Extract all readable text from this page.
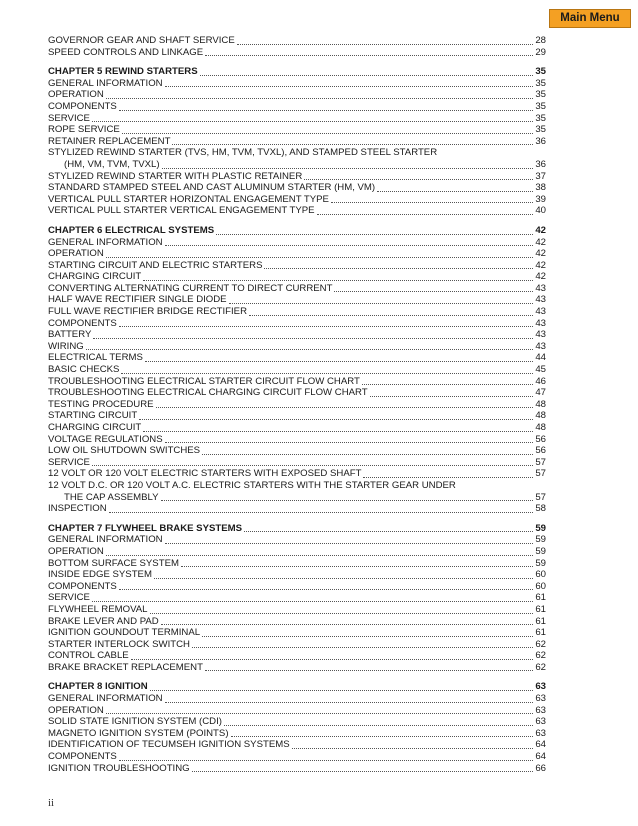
Main Menu
GOVERNOR GEAR AND SHAFT SERVICE	28
SPEED CONTROLS AND LINKAGE	29
CHAPTER 5 REWIND STARTERS	35
GENERAL INFORMATION	35
OPERATION	35
COMPONENTS	35
SERVICE	35
ROPE SERVICE	35
RETAINER REPLACEMENT	36
STYLIZED REWIND STARTER (TVS, HM, TVM, TVXL), AND STAMPED STEEL STARTER
(HM, VM, TVM, TVXL)	36
STYLIZED REWIND STARTER WITH PLASTIC RETAINER	37
STANDARD STAMPED STEEL AND CAST ALUMINUM STARTER (HM, VM)	38
VERTICAL PULL STARTER HORIZONTAL ENGAGEMENT TYPE	39
VERTICAL PULL STARTER VERTICAL ENGAGEMENT TYPE	40
CHAPTER 6 ELECTRICAL SYSTEMS	42
GENERAL INFORMATION	42
OPERATION	42
STARTING CIRCUIT AND ELECTRIC STARTERS	42
CHARGING CIRCUIT	42
CONVERTING ALTERNATING CURRENT TO DIRECT CURRENT	43
HALF WAVE RECTIFIER SINGLE DIODE	43
FULL WAVE RECTIFIER BRIDGE RECTIFIER	43
COMPONENTS	43
BATTERY	43
WIRING	43
ELECTRICAL TERMS	44
BASIC CHECKS	45
TROUBLESHOOTING ELECTRICAL STARTER CIRCUIT FLOW CHART	46
TROUBLESHOOTING ELECTRICAL CHARGING CIRCUIT FLOW CHART	47
TESTING PROCEDURE	48
STARTING CIRCUIT	48
CHARGING CIRCUIT	48
VOLTAGE REGULATIONS	56
LOW OIL SHUTDOWN SWITCHES	56
SERVICE	57
12 VOLT OR 120 VOLT ELECTRIC STARTERS WITH EXPOSED SHAFT	57
12 VOLT D.C. OR 120 VOLT A.C. ELECTRIC STARTERS WITH THE STARTER GEAR UNDER
THE CAP ASSEMBLY	57
INSPECTION	58
CHAPTER 7 FLYWHEEL BRAKE SYSTEMS	59
GENERAL INFORMATION	59
OPERATION	59
BOTTOM SURFACE SYSTEM	59
INSIDE EDGE SYSTEM	60
COMPONENTS	60
SERVICE	61
FLYWHEEL REMOVAL	61
BRAKE LEVER AND PAD	61
IGNITION GOUNDOUT TERMINAL	61
STARTER INTERLOCK SWITCH	62
CONTROL CABLE	62
BRAKE BRACKET REPLACEMENT	62
CHAPTER 8 IGNITION	63
GENERAL INFORMATION	63
OPERATION	63
SOLID STATE IGNITION SYSTEM (CDI)	63
MAGNETO IGNITION SYSTEM (POINTS)	63
IDENTIFICATION OF TECUMSEH IGNITION SYSTEMS	64
COMPONENTS	64
IGNITION TROUBLESHOOTING	66
ii
